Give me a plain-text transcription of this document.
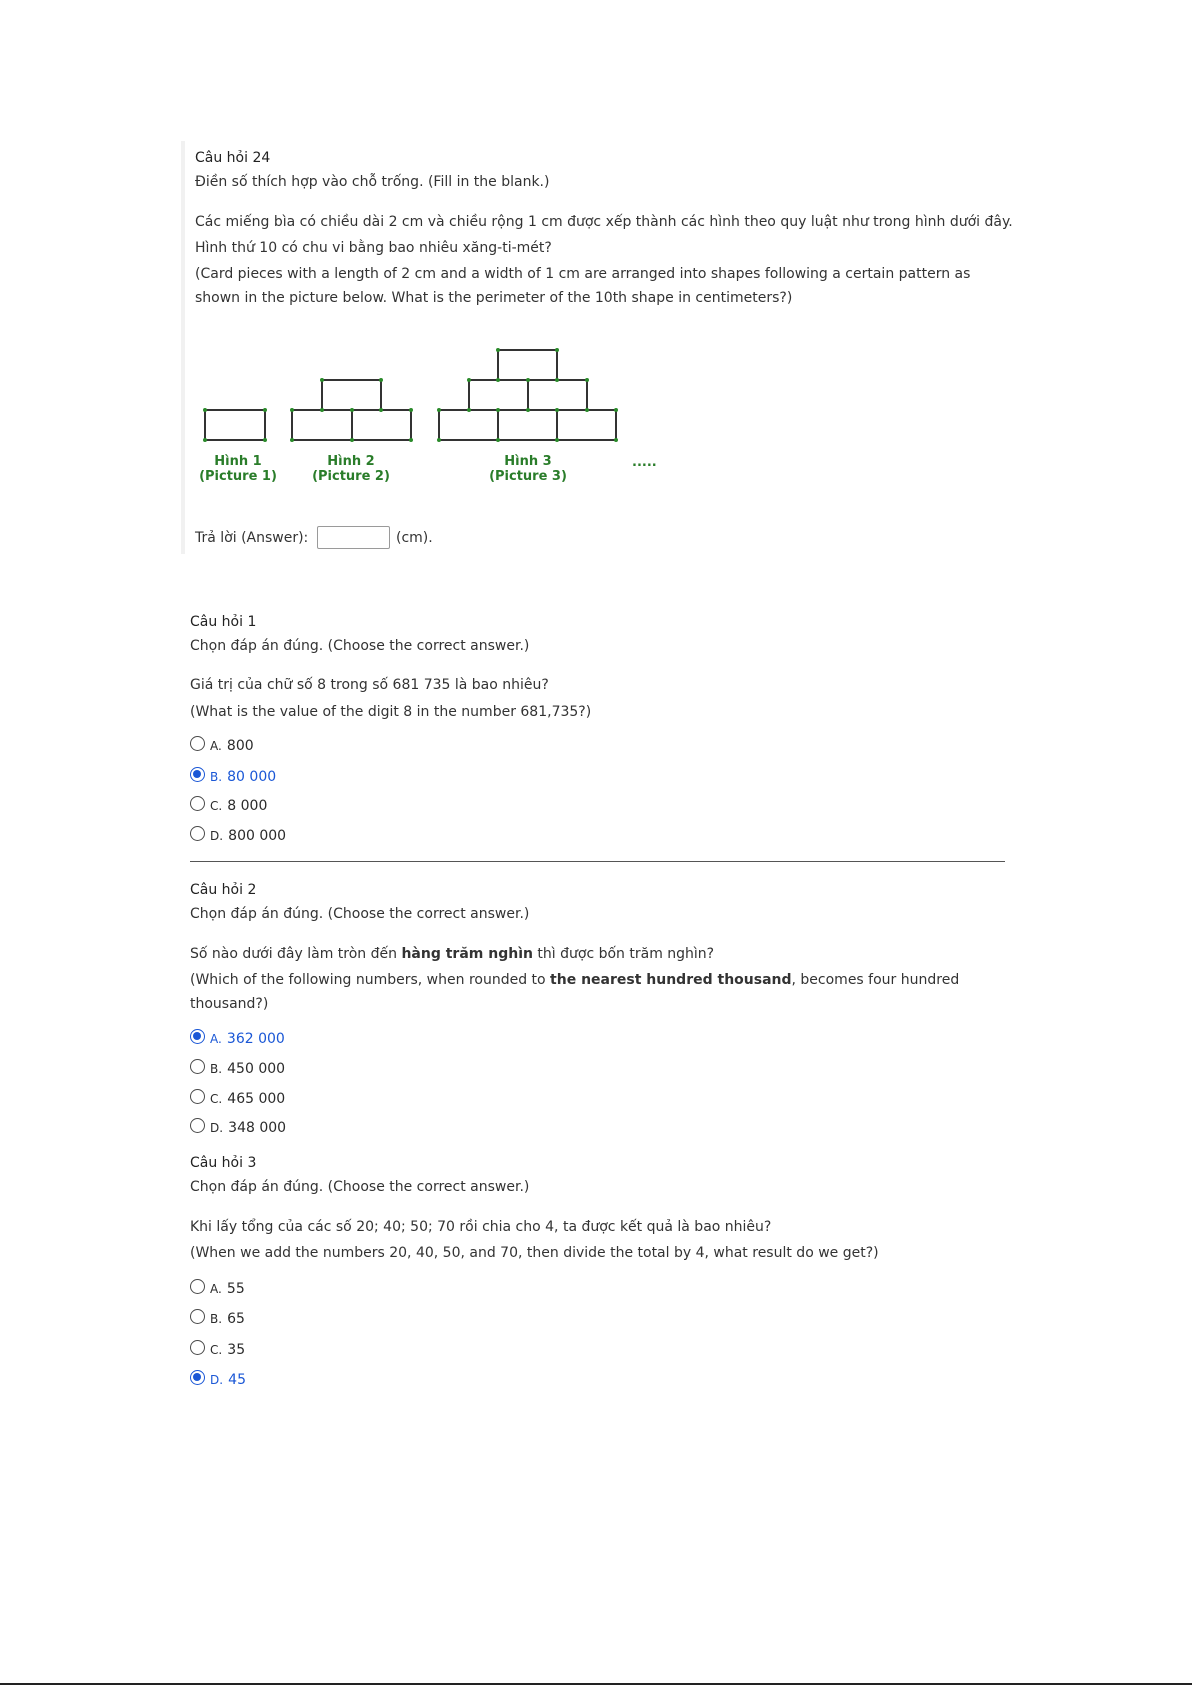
Câu hỏi 24
Điền số thích hợp vào chỗ trống. (Fill in the blank.)
Các miếng bìa có chiều dài 2 cm và chiều rộng 1 cm được xếp thành các hình theo quy luật như trong hình dưới đây.
Hình thứ 10 có chu vi bằng bao nhiêu xăng-ti-mét?
(Card pieces with a length of 2 cm and a width of 1 cm are arranged into shapes following a certain pattern as
shown in the picture below. What is the perimeter of the 10th shape in centimeters?)
Hình 1
(Picture 1)
Hình 2
(Picture 2)
Hình 3
(Picture 3)
.....
Trả lời (Answer):	(cm).
Câu hỏi 1
Chọn đáp án đúng. (Choose the correct answer.)
Giá trị của chữ số 8 trong số 681 735 là bao nhiêu?
(What is the value of the digit 8 in the number 681,735?)
A. 800
B. 80 000
C. 8 000
D. 800 000
Câu hỏi 2
Chọn đáp án đúng. (Choose the correct answer.)
Số nào dưới đây làm tròn đến hàng trăm nghìn thì được bốn trăm nghìn?
(Which of the following numbers, when rounded to the nearest hundred thousand, becomes four hundred
thousand?)
A. 362 000
B. 450 000
C. 465 000
D. 348 000
Câu hỏi 3
Chọn đáp án đúng. (Choose the correct answer.)
Khi lấy tổng của các số 20; 40; 50; 70 rồi chia cho 4, ta được kết quả là bao nhiêu?
(When we add the numbers 20, 40, 50, and 70, then divide the total by 4, what result do we get?)
A. 55
B. 65
C. 35
D. 45
